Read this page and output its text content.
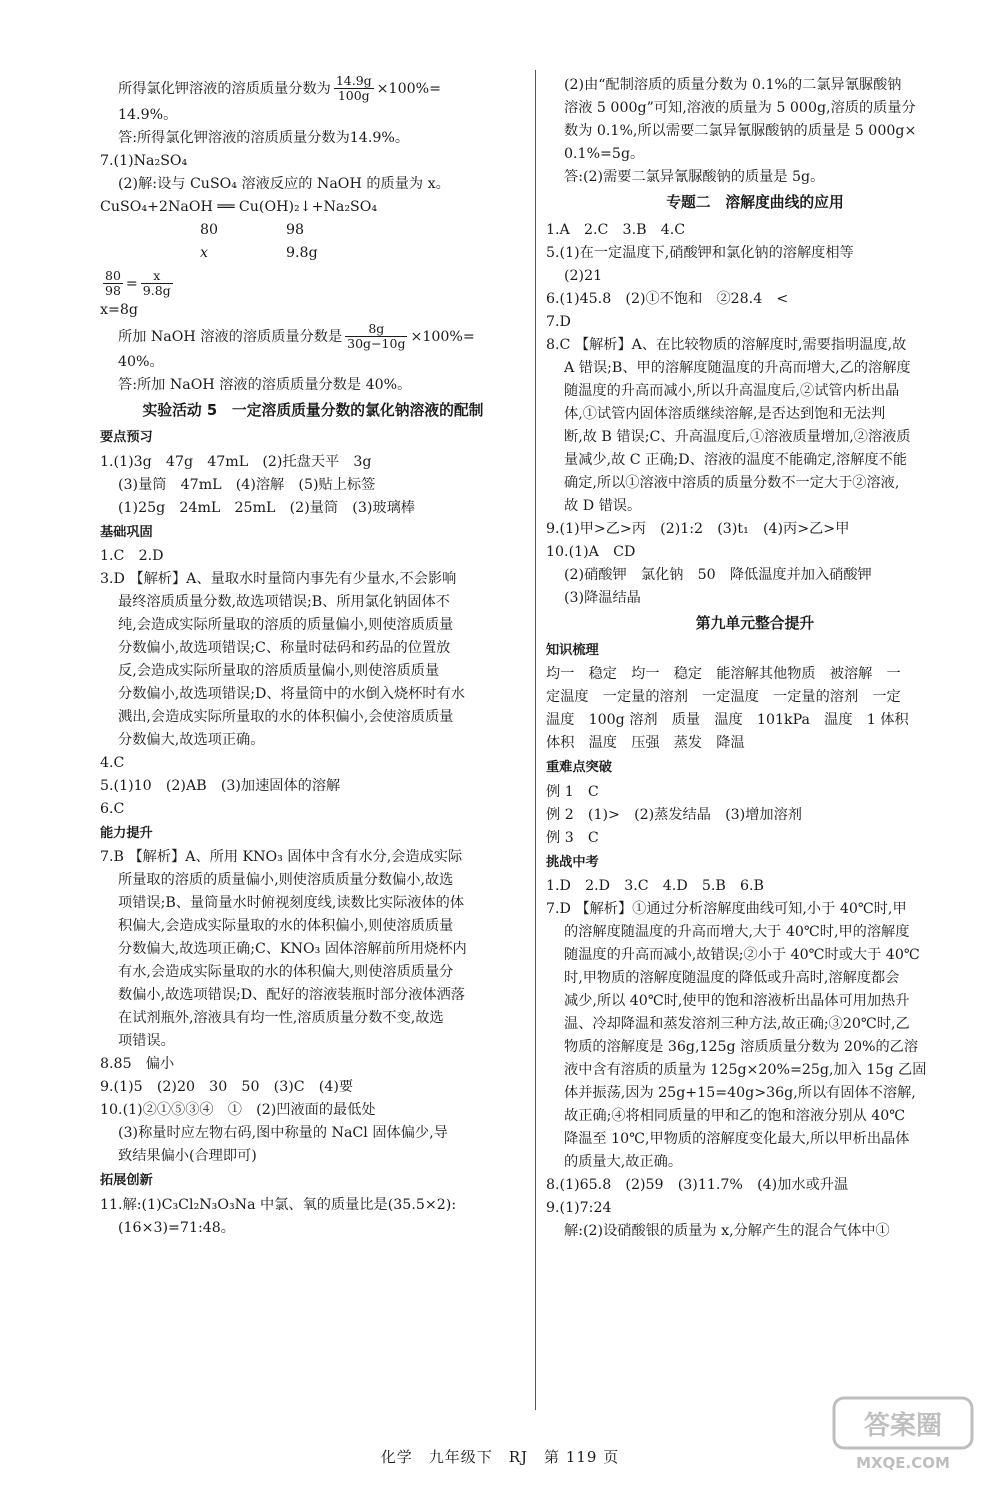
所得氯化钾溶液的溶质质量分数为 $\frac{14.9g}{100g} \times 100\%=$
14.9%。
答:所得氯化钾溶液的溶质质量分数为14.9%。
7.(1)Na₂SO₄
(2)解:设与 CuSO₄ 溶液反应的 NaOH 的质量为 x。
CuSO₄+2NaOH ══ Cu(OH)₂↓+Na₂SO₄
80	98
x	9.8g
$\frac{80}{98} = \frac{x}{9.8g}$
x=8g
所加 NaOH 溶液的溶质质量分数是 $\frac{8g}{30g-10g} \times 100\%=$
40%。
答:所加 NaOH 溶液的溶质质量分数是 40%。
实验活动 5　一定溶质质量分数的氯化钠溶液的配制
要点预习
1.(1)3g　47g　47mL　(2)托盘天平　3g
(3)量筒　47mL　(4)溶解　(5)贴上标签
(1)25g　24mL　25mL　(2)量筒　(3)玻璃棒
基础巩固
1.C　2.D
3.D 【解析】A、量取水时量筒内事先有少量水,不会影响
最终溶质质量分数,故选项错误;B、所用氯化钠固体不
纯,会造成实际所量取的溶质的质量偏小,则使溶质质量
分数偏小,故选项错误;C、称量时砝码和药品的位置放
反,会造成实际所量取的溶质质量偏小,则使溶质质量
分数偏小,故选项错误;D、将量筒中的水倒入烧杯时有水
溅出,会造成实际所量取的水的体积偏小,会使溶质质量
分数偏大,故选项正确。
4.C
5.(1)10　(2)AB　(3)加速固体的溶解
6.C
能力提升
7.B 【解析】A、所用 KNO₃ 固体中含有水分,会造成实际
所量取的溶质的质量偏小,则使溶质质量分数偏小,故选
项错误;B、量筒量水时俯视刻度线,读数比实际液体的体
积偏大,会造成实际量取的水的体积偏小,则使溶质质量
分数偏大,故选项正确;C、KNO₃ 固体溶解前所用烧杯内
有水,会造成实际量取的水的体积偏大,则使溶质质量分
数偏小,故选项错误;D、配好的溶液装瓶时部分液体洒落
在试剂瓶外,溶液具有均一性,溶质质量分数不变,故选
项错误。
8.85　偏小
9.(1)5　(2)20　30　50　(3)C　(4)要
10.(1)②①⑤③④　①　(2)凹液面的最低处
(3)称量时应左物右码,图中称量的 NaCl 固体偏少,导
致结果偏小(合理即可)
拓展创新
11.解:(1)C₃Cl₂N₃O₃Na 中氯、氧的质量比是(35.5×2):
(16×3)=71:48。
(2)由“配制溶质的质量分数为 0.1%的二氯异氰脲酸钠
溶液 5 000g”可知,溶液的质量为 5 000g,溶质的质量分
数为 0.1%,所以需要二氯异氰脲酸钠的质量是 5 000g×
0.1%=5g。
答:(2)需要二氯异氰脲酸钠的质量是 5g。
专题二　溶解度曲线的应用
1.A　2.C　3.B　4.C
5.(1)在一定温度下,硝酸钾和氯化钠的溶解度相等
(2)21
6.(1)45.8　(2)①不饱和　②28.4　<
7.D
8.C 【解析】A、在比较物质的溶解度时,需要指明温度,故
A 错误;B、甲的溶解度随温度的升高而增大,乙的溶解度
随温度的升高而减小,所以升高温度后,②试管内析出晶
体,①试管内固体溶质继续溶解,是否达到饱和无法判
断,故 B 错误;C、升高温度后,①溶液质量增加,②溶液质
量减少,故 C 正确;D、溶液的温度不能确定,溶解度不能
确定,所以①溶液中溶质的质量分数不一定大于②溶液,
故 D 错误。
9.(1)甲>乙>丙　(2)1:2　(3)t₁　(4)丙>乙>甲
10.(1)A　CD
(2)硝酸钾　氯化钠　50　降低温度并加入硝酸钾
(3)降温结晶
第九单元整合提升
知识梳理
均一　稳定　均一　稳定　能溶解其他物质　被溶解　一
定温度　一定量的溶剂　一定温度　一定量的溶剂　一定
温度　100g 溶剂　质量　温度　101kPa　温度　1 体积
体积　温度　压强　蒸发　降温
重难点突破
例 1　C
例 2　(1)>　(2)蒸发结晶　(3)增加溶剂
例 3　C
挑战中考
1.D　2.D　3.C　4.D　5.B　6.B
7.D 【解析】①通过分析溶解度曲线可知,小于 40℃时,甲
的溶解度随温度的升高而增大,大于 40℃时,甲的溶解度
随温度的升高而减小,故错误;②小于 40℃时或大于 40℃
时,甲物质的溶解度随温度的降低或升高时,溶解度都会
减少,所以 40℃时,使甲的饱和溶液析出晶体可用加热升
温、冷却降温和蒸发溶剂三种方法,故正确;③20℃时,乙
物质的溶解度是 36g,125g 溶质质量分数为 20%的乙溶
液中含有溶质的质量为 125g×20%=25g,加入 15g 乙固
体并振荡,因为 25g+15=40g>36g,所以有固体不溶解,
故正确;④将相同质量的甲和乙的饱和溶液分别从 40℃
降温至 10℃,甲物质的溶解度变化最大,所以甲析出晶体
的质量大,故正确。
8.(1)65.8　(2)59　(3)11.7%　(4)加水或升温
9.(1)7:24
解:(2)设硝酸银的质量为 x,分解产生的混合气体中①
化学　九年级下　RJ　第 119 页
答案圈
MXQE.COM
